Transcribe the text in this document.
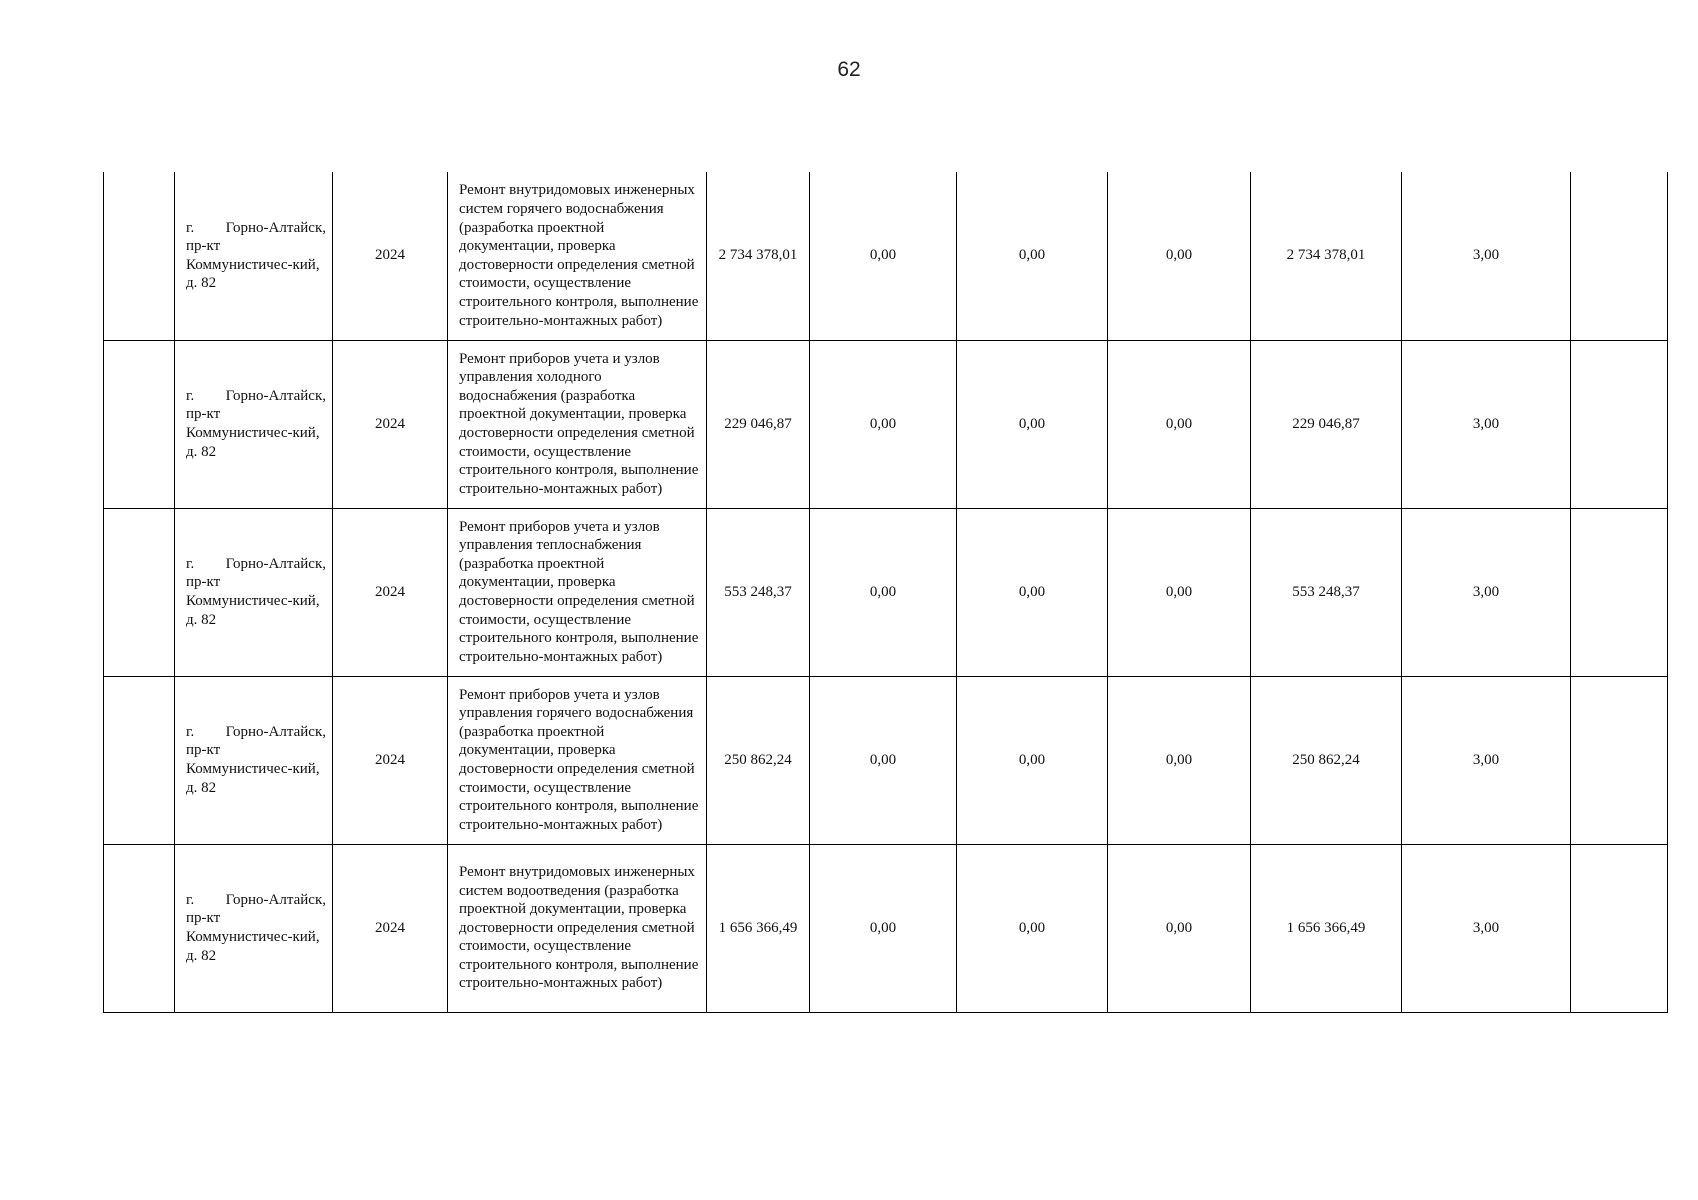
62

	г. Горно-Алтайск,
пр-кт Коммунистичес-кий, д. 82	2024	Ремонт внутридомовых инженерных систем горячего водоснабжения (разработка проектной документации, проверка достоверности определения сметной стоимости, осуществление строительного контроля, выполнение строительно-монтажных работ)	2 734 378,01	0,00	0,00	0,00	2 734 378,01	3,00	

	г. Горно-Алтайск,
пр-кт Коммунистичес-кий, д. 82	2024	Ремонт приборов учета и узлов управления холодного водоснабжения (разработка проектной документации, проверка достоверности определения сметной стоимости, осуществление строительного контроля, выполнение строительно-монтажных работ)	229 046,87	0,00	0,00	0,00	229 046,87	3,00	

	г. Горно-Алтайск,
пр-кт Коммунистичес-кий, д. 82	2024	Ремонт приборов учета и узлов управления теплоснабжения (разработка проектной документации, проверка достоверности определения сметной стоимости, осуществление строительного контроля, выполнение строительно-монтажных работ)	553 248,37	0,00	0,00	0,00	553 248,37	3,00	

	г. Горно-Алтайск,
пр-кт Коммунистичес-кий, д. 82	2024	Ремонт приборов учета и узлов управления горячего водоснабжения (разработка проектной документации, проверка достоверности определения сметной стоимости, осуществление строительного контроля, выполнение строительно-монтажных работ)	250 862,24	0,00	0,00	0,00	250 862,24	3,00	

	г. Горно-Алтайск,
пр-кт Коммунистичес-кий, д. 82	2024	Ремонт внутридомовых инженерных систем водоотведения (разработка проектной документации, проверка достоверности определения сметной стоимости, осуществление строительного контроля, выполнение строительно-монтажных работ)	1 656 366,49	0,00	0,00	0,00	1 656 366,49	3,00	
